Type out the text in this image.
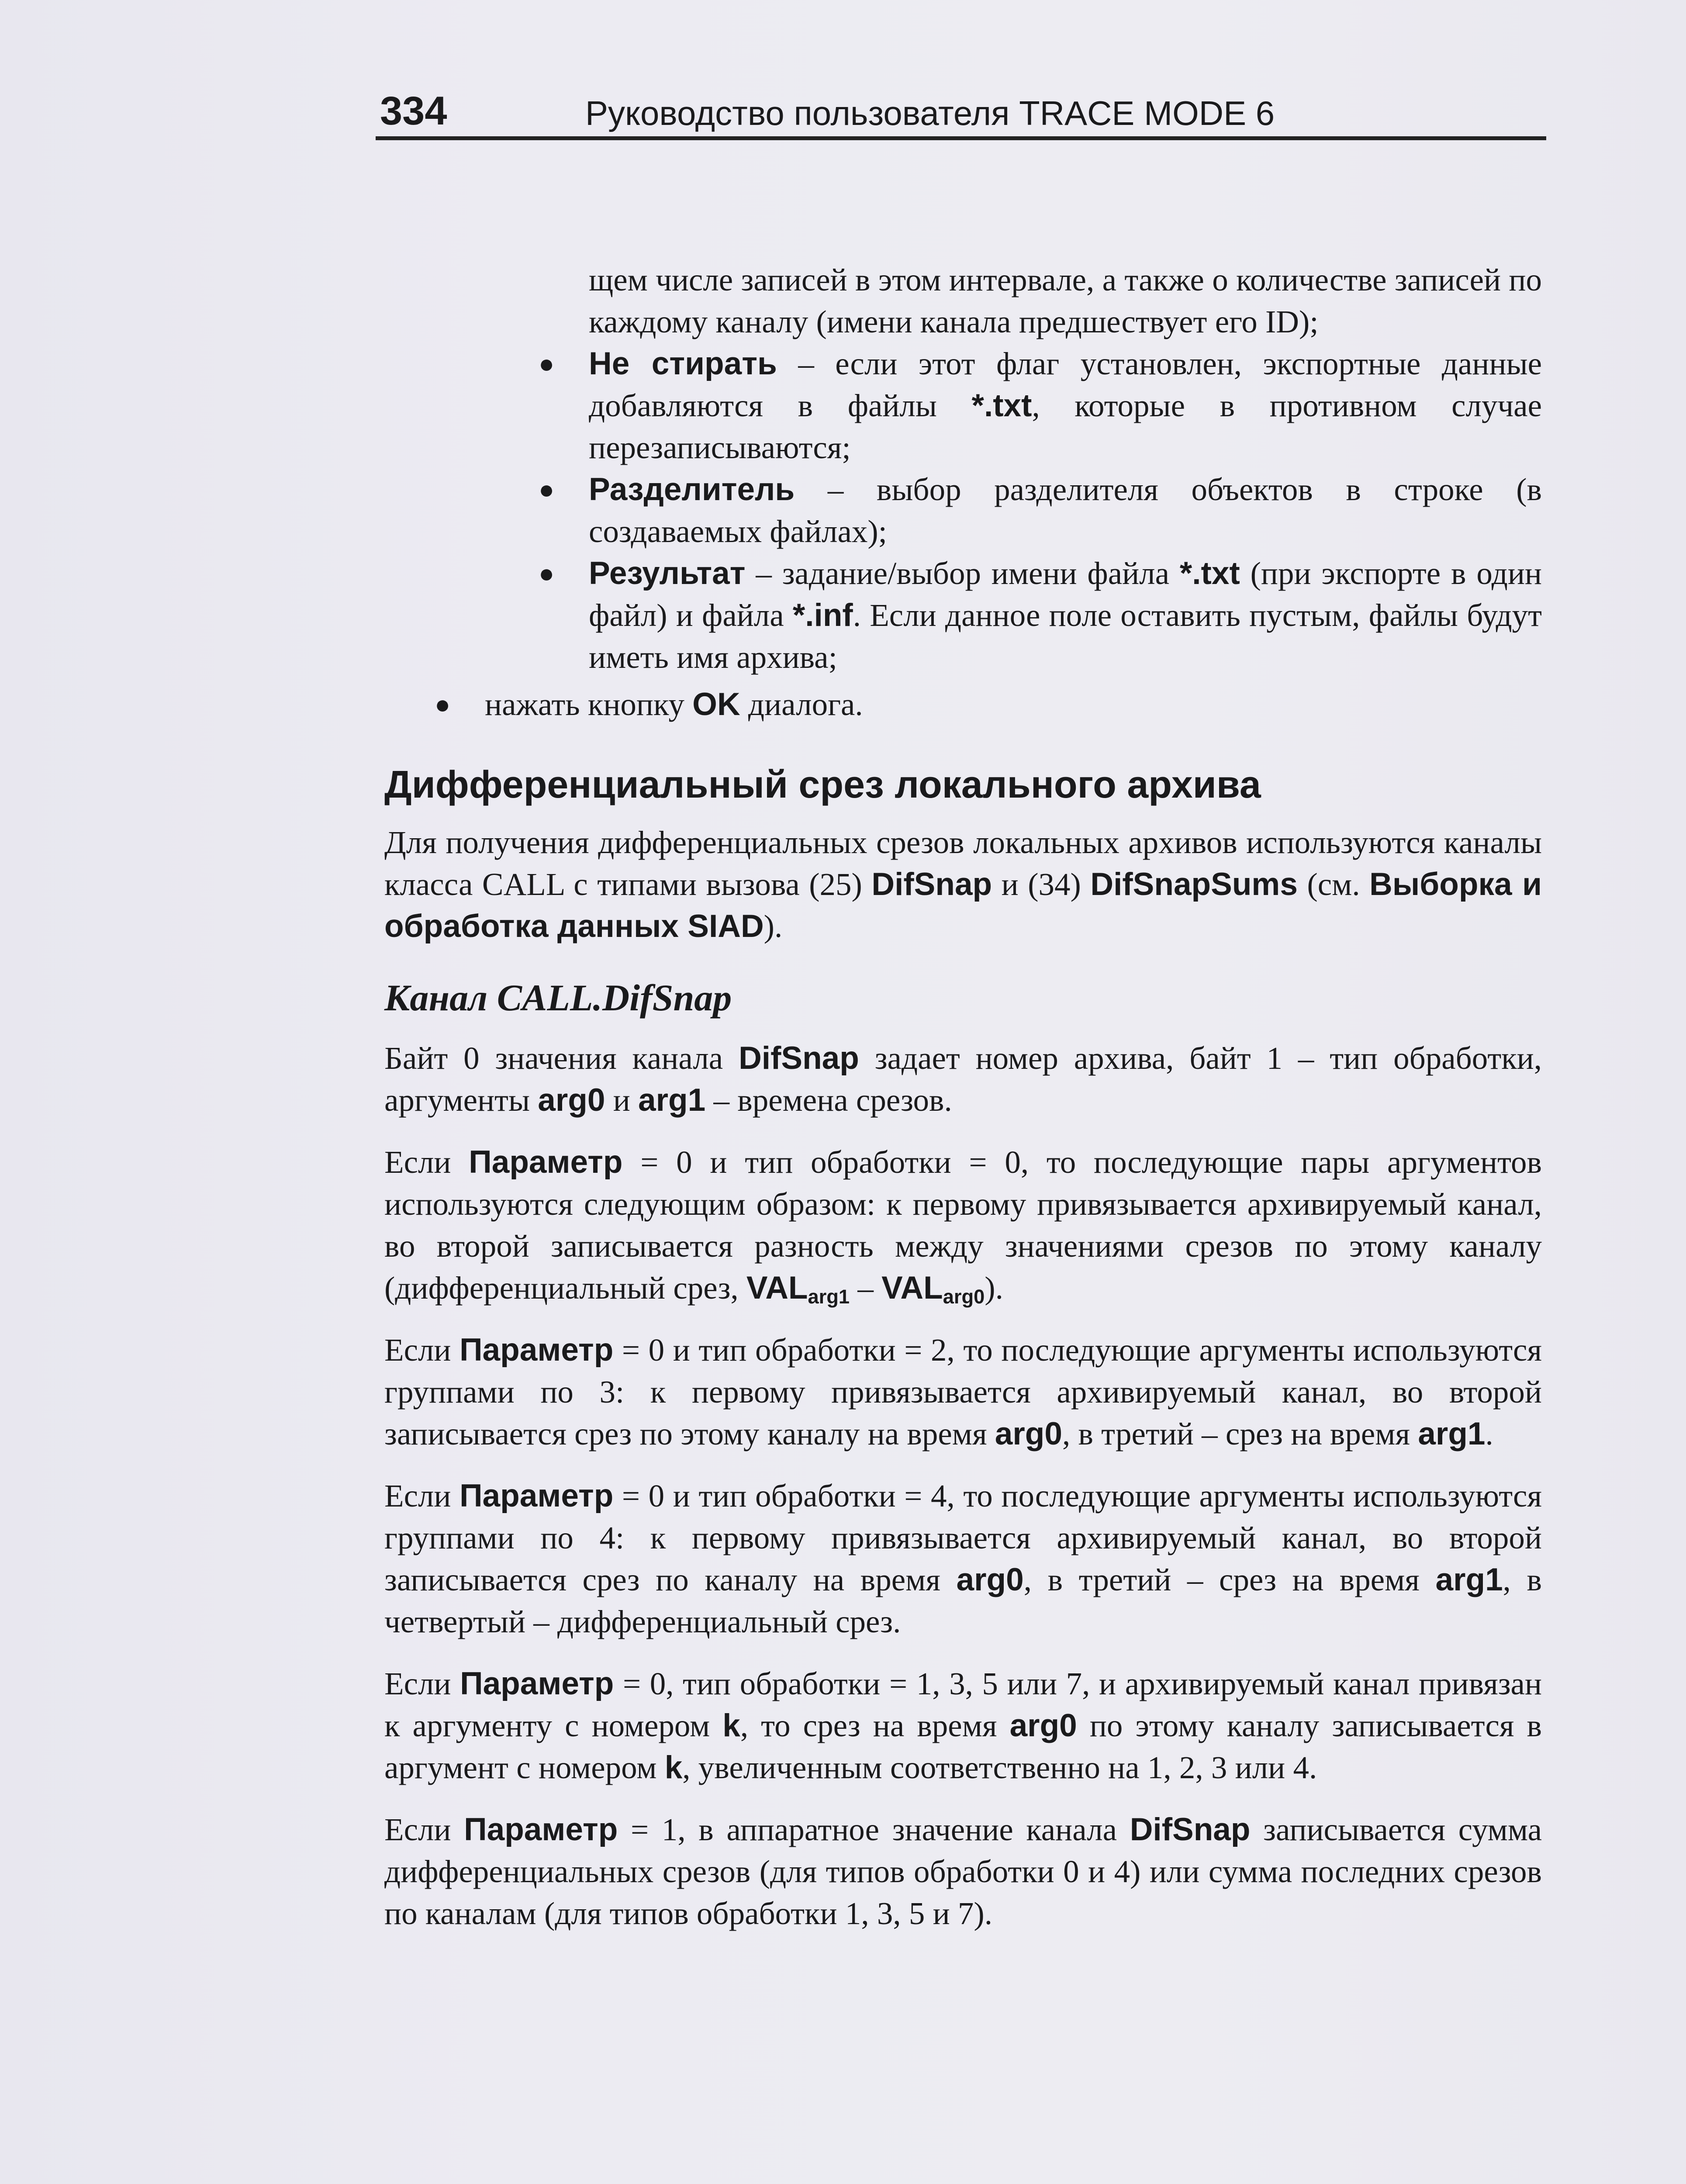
334	Руководство пользователя TRACE MODE 6

щем числе записей в этом интервале, а также о количестве записей по каждому каналу (имени канала предшествует его ID);

● Не стирать – если этот флаг установлен, экспортные данные добавляются в файлы *.txt, которые в противном случае перезаписываются;
● Разделитель – выбор разделителя объектов в строке (в создаваемых файлах);
● Результат – задание/выбор имени файла *.txt (при экспорте в один файл) и файла *.inf. Если данное поле оставить пустым, файлы будут иметь имя архива;
● нажать кнопку OK диалога.
Дифференциальный срез локального архива

Для получения дифференциальных срезов локальных архивов используются каналы класса CALL с типами вызова (25) DifSnap и (34) DifSnapSums (см. Выборка и обработка данных SIAD).

Канал CALL.DifSnap

Байт 0 значения канала DifSnap задает номер архива, байт 1 – тип обработки, аргументы arg0 и arg1 – времена срезов.

Если Параметр = 0 и тип обработки = 0, то последующие пары аргументов используются следующим образом: к первому привязывается архивируемый канал, во второй записывается разность между значениями срезов по этому каналу (дифференциальный срез, $VAL_{arg1} - VAL_{arg0}$).

Если Параметр = 0 и тип обработки = 2, то последующие аргументы используются группами по 3: к первому привязывается архивируемый канал, во второй записывается срез по этому каналу на время arg0, в третий – срез на время arg1.

Если Параметр = 0 и тип обработки = 4, то последующие аргументы используются группами по 4: к первому привязывается архивируемый канал, во второй записывается срез по каналу на время arg0, в третий – срез на время arg1, в четвертый – дифференциальный срез.

Если Параметр = 0, тип обработки = 1, 3, 5 или 7, и архивируемый канал привязан к аргументу с номером k, то срез на время arg0 по этому каналу записывается в аргумент с номером k, увеличенным соответственно на 1, 2, 3 или 4.

Если Параметр = 1, в аппаратное значение канала DifSnap записывается сумма дифференциальных срезов (для типов обработки 0 и 4) или сумма последних срезов по каналам (для типов обработки 1, 3, 5 и 7).
